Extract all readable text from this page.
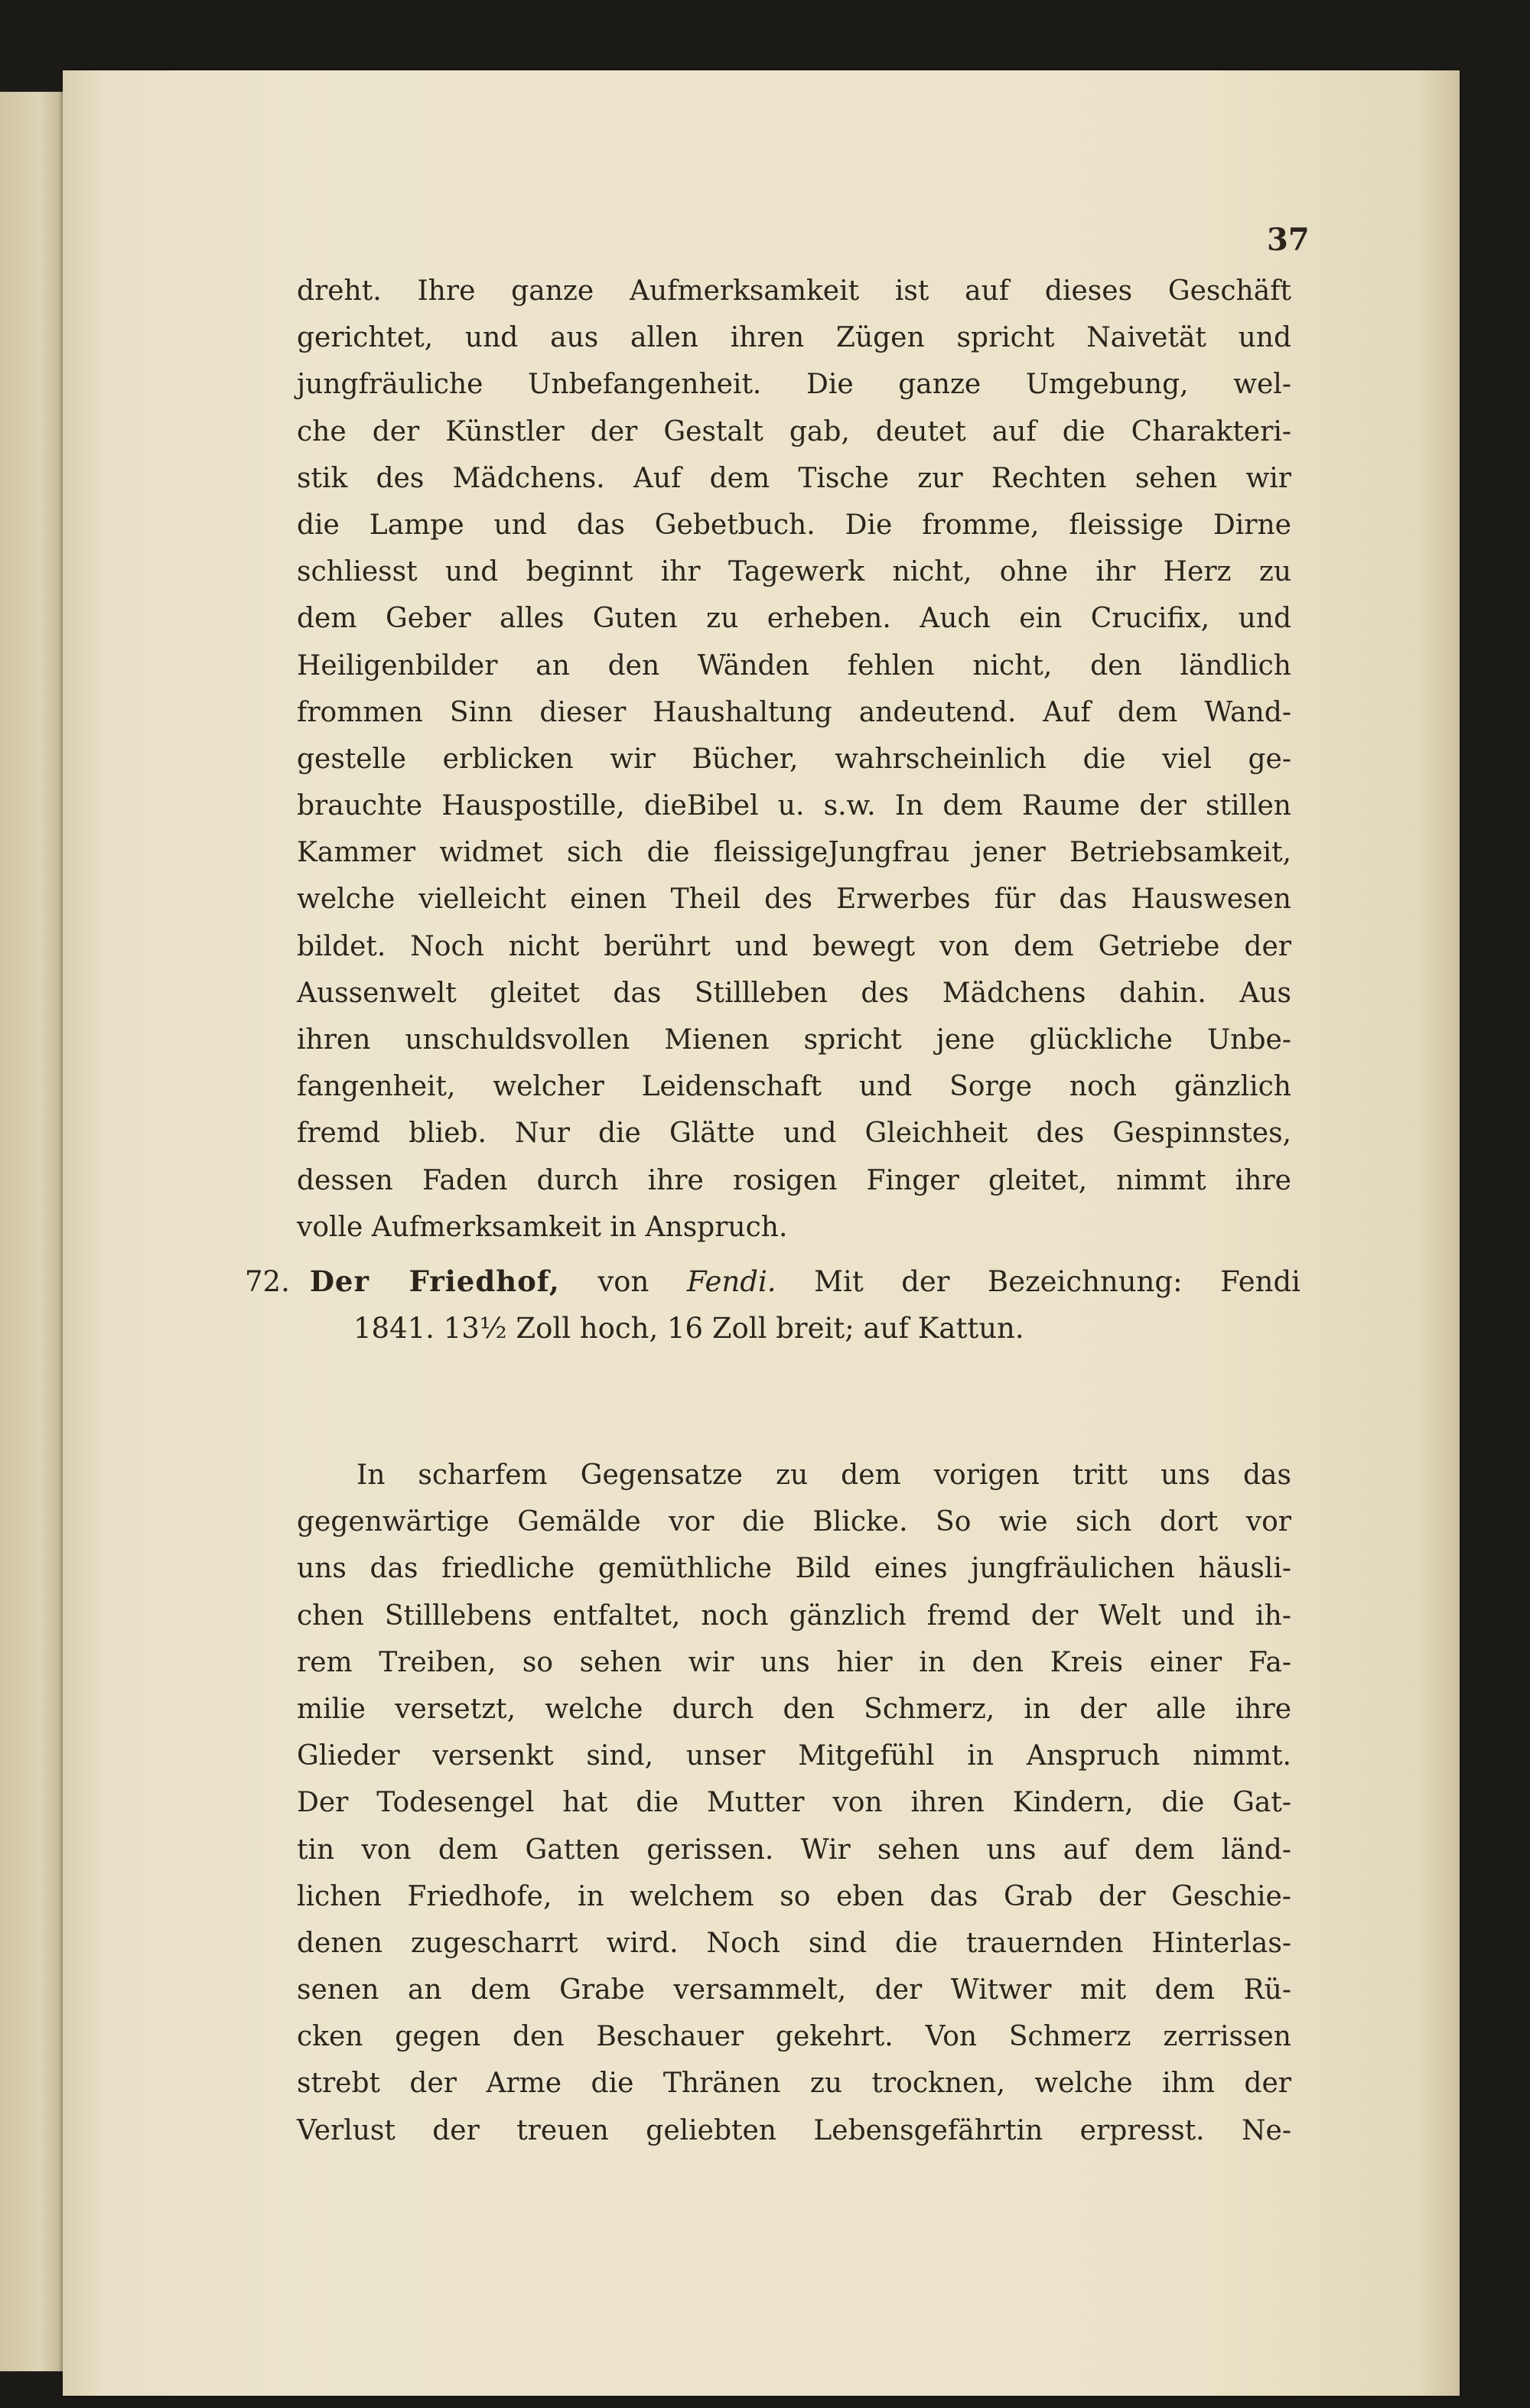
37
dreht. Ihre ganze Aufmerksamkeit ist auf dieses Geschäft
gerichtet, und aus allen ihren Zügen spricht Naivetät und
jungfräuliche Unbefangenheit. Die ganze Umgebung, wel-
che der Künstler der Gestalt gab, deutet auf die Charakteri-
stik des Mädchens. Auf dem Tische zur Rechten sehen wir
die Lampe und das Gebetbuch. Die fromme, fleissige Dirne
schliesst und beginnt ihr Tagewerk nicht, ohne ihr Herz zu
dem Geber alles Guten zu erheben. Auch ein Crucifix, und
Heiligenbilder an den Wänden fehlen nicht, den ländlich
frommen Sinn dieser Haushaltung andeutend. Auf dem Wand-
gestelle erblicken wir Bücher, wahrscheinlich die viel ge-
brauchte Hauspostille, dieBibel u. s.w. In dem Raume der stillen
Kammer widmet sich die fleissigeJungfrau jener Betriebsamkeit,
welche vielleicht einen Theil des Erwerbes für das Hauswesen
bildet. Noch nicht berührt und bewegt von dem Getriebe der
Aussenwelt gleitet das Stillleben des Mädchens dahin. Aus
ihren unschuldsvollen Mienen spricht jene glückliche Unbe-
fangenheit, welcher Leidenschaft und Sorge noch gänzlich
fremd blieb. Nur die Glätte und Gleichheit des Gespinnstes,
dessen Faden durch ihre rosigen Finger gleitet, nimmt ihre
volle Aufmerksamkeit in Anspruch.
72. Der Friedhof, von Fendi. Mit der Bezeichnung: Fendi
1841. 13½ Zoll hoch, 16 Zoll breit; auf Kattun.
In scharfem Gegensatze zu dem vorigen tritt uns das
gegenwärtige Gemälde vor die Blicke. So wie sich dort vor
uns das friedliche gemüthliche Bild eines jungfräulichen häusli-
chen Stilllebens entfaltet, noch gänzlich fremd der Welt und ih-
rem Treiben, so sehen wir uns hier in den Kreis einer Fa-
milie versetzt, welche durch den Schmerz, in der alle ihre
Glieder versenkt sind, unser Mitgefühl in Anspruch nimmt.
Der Todesengel hat die Mutter von ihren Kindern, die Gat-
tin von dem Gatten gerissen. Wir sehen uns auf dem länd-
lichen Friedhofe, in welchem so eben das Grab der Geschie-
denen zugescharrt wird. Noch sind die trauernden Hinterlas-
senen an dem Grabe versammelt, der Witwer mit dem Rü-
cken gegen den Beschauer gekehrt. Von Schmerz zerrissen
strebt der Arme die Thränen zu trocknen, welche ihm der
Verlust der treuen geliebten Lebensgefährtin erpresst. Ne-
